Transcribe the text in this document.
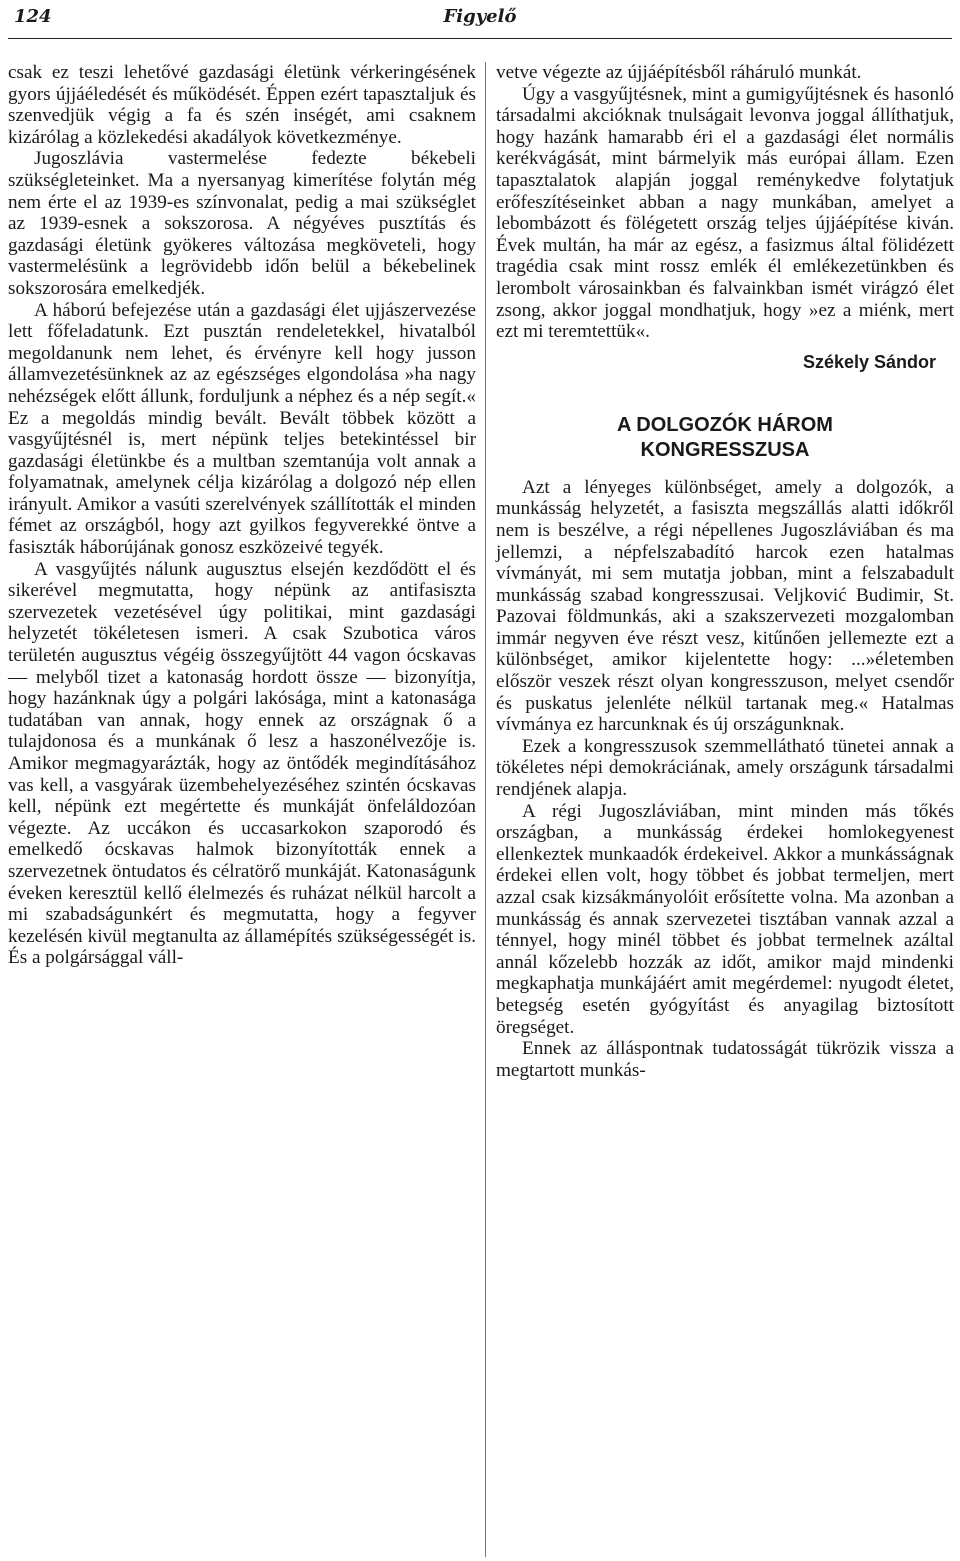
124	Figyelő

csak ez teszi lehetővé gazdasági életünk vérkeringésének gyors újjáéledését és működését. Éppen ezért tapasztaljuk és szenvedjük végig a fa és szén inségét, ami csaknem kizárólag a közlekedési akadályok következménye.

Jugoszlávia vastermelése fedezte békebeli szükségleteinket. Ma a nyersanyag kimerítése folytán még nem érte el az 1939-es színvonalat, pedig a mai szükséglet az 1939-esnek a sokszorosa. A négyéves pusztítás és gazdasági életünk gyökeres változása megköveteli, hogy vastermelésünk a legrövidebb időn belül a békebelinek sokszorosára emelkedjék.

A háború befejezése után a gazdasági élet ujjászervezése lett főfeladatunk. Ezt pusztán rendeletekkel, hivatalból megoldanunk nem lehet, és érvényre kell hogy jusson államvezetésünknek az az egészséges elgondolása »ha nagy nehézségek előtt állunk, forduljunk a néphez és a nép segít.« Ez a megoldás mindig bevált. Bevált többek között a vasgyűjtésnél is, mert népünk teljes betekintéssel bir gazdasági életünkbe és a multban szemtanúja volt annak a folyamatnak, amelynek célja kizárólag a dolgozó nép ellen irányult. Amikor a vasúti szerelvények szállították el minden fémet az országból, hogy azt gyilkos fegyverekké öntve a fasiszták háborújának gonosz eszközeivé tegyék.

A vasgyűjtés nálunk augusztus elsején kezdődött el és sikerével megmutatta, hogy népünk az antifasiszta szervezetek vezetésével úgy politikai, mint gazdasági helyzetét tökéletesen ismeri. A csak Szubotica város területén augusztus végéig összegyűjtött 44 vagon ócskavas — melyből tizet a katonaság hordott össze — bizonyítja, hogy hazánknak úgy a polgári lakósága, mint a katonasága tudatában van annak, hogy ennek az országnak ő a tulajdonosa és a munkának ő lesz a haszonélvezője is. Amikor megmagyarázták, hogy az öntődék megindításához vas kell, a vasgyárak üzembehelyezéséhez szintén ócskavas kell, népünk ezt megértette és munkáját önfeláldozóan végezte. Az uccákon és uccasarkokon szaporodó és emelkedő ócskavas halmok bizonyították ennek a szervezetnek öntudatos és célratörő munkáját. Katonaságunk éveken keresztül kellő élelmezés és ruházat nélkül harcolt a mi szabadságunkért és megmutatta, hogy a fegyver kezelésén kivül megtanulta az államépítés szükségességét is. És a polgársággal váll-

vetve végezte az újjáépítésből ráháruló munkát.

Úgy a vasgyűjtésnek, mint a gumigyűjtésnek és hasonló társadalmi akcióknak tnulságait levonva joggal állíthatjuk, hogy hazánk hamarabb éri el a gazdasági élet normális kerékvágását, mint bármelyik más európai állam. Ezen tapasztalatok alapján joggal reménykedve folytatjuk erőfeszítéseinket abban a nagy munkában, amelyet a lebombázott és fölégetett ország teljes újjáépítése kiván. Évek multán, ha már az egész, a fasizmus által fölidézett tragédia csak mint rossz emlék él emlékezetünkben és lerombolt városainkban és falvainkban ismét virágzó élet zsong, akkor joggal mondhatjuk, hogy »ez a miénk, mert ezt mi teremtettük«.

Székely Sándor
A DOLGOZÓK HÁROM
KONGRESSZUSA

Azt a lényeges különbséget, amely a dolgozók, a munkásság helyzetét, a fasiszta megszállás alatti időkről nem is beszélve, a régi népellenes Jugoszláviában és ma jellemzi, a népfelszabadító harcok ezen hatalmas vívmányát, mi sem mutatja jobban, mint a felszabadult munkásság szabad kongresszusai. Veljković Budimir, St. Pazovai földmunkás, aki a szakszervezeti mozgalomban immár negyven éve részt vesz, kitűnően jellemezte ezt a különbséget, amikor kijelentette hogy: ...»életemben először veszek részt olyan kongresszuson, melyet csendőr és puskatus jelenléte nélkül tartanak meg.« Hatalmas vívmánya ez harcunknak és új országunknak.

Ezek a kongresszusok szemmellátható tünetei annak a tökéletes népi demokráciának, amely országunk társadalmi rendjének alapja.

A régi Jugoszláviában, mint minden más tőkés országban, a munkásság érdekei homlokegyenest ellenkeztek munkaadók érdekeivel. Akkor a munkásságnak érdekei ellen volt, hogy többet és jobbat termeljen, mert azzal csak kizsákmányolóit erősítette volna. Ma azonban a munkásság és annak szervezetei tisztában vannak azzal a ténnyel, hogy minél többet és jobbat termelnek azáltal annál kőzelebb hozzák az időt, amikor majd mindenki megkaphatja munkájáért amit megérdemel: nyugodt életet, betegség esetén gyógyítást és anyagilag biztosított öregséget.

Ennek az álláspontnak tudatosságát tükrözik vissza a megtartott munkás-
